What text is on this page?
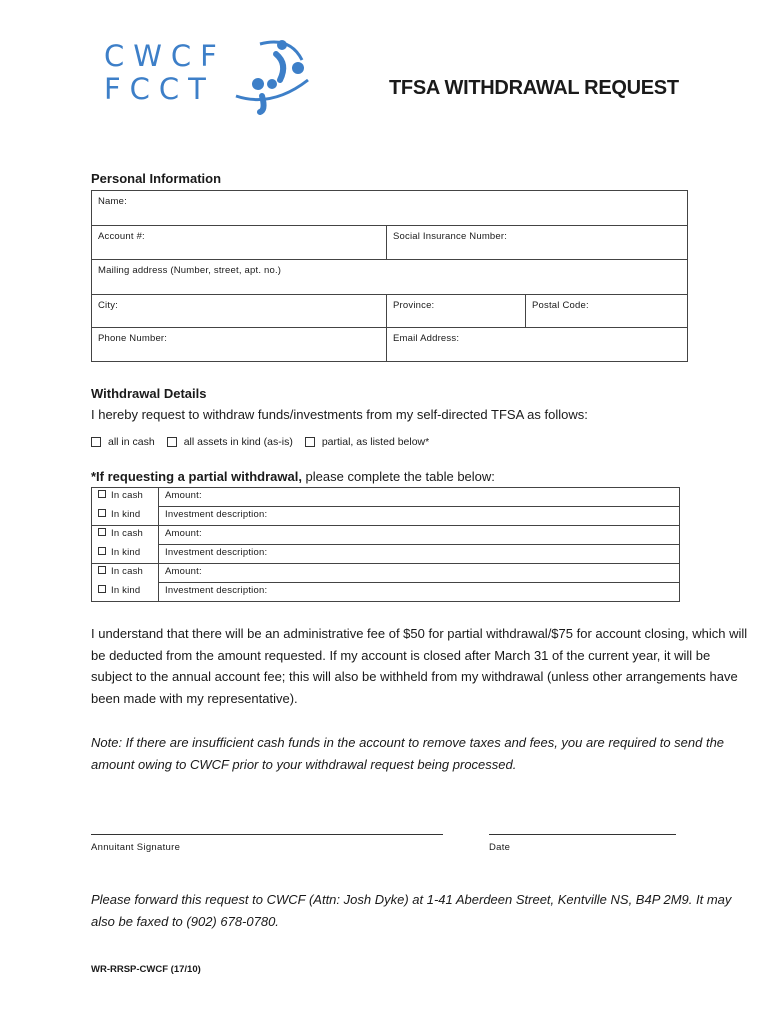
CWCF
FCCT	TFSA WITHDRAWAL REQUEST
Personal Information
Name:		
Account #:	Social Insurance Number:	
Mailing address (Number, street, apt. no.)		
City:	Province:	Postal Code:
Phone Number:	Email Address:	
Withdrawal Details
I hereby request to withdraw funds/investments from my self-directed TFSA as follows:
all in cash	all assets in kind (as-is)	partial, as listed below*
*If requesting a partial withdrawal, please complete the table below:
In cash	Amount:
In kind	Investment description:
In cash	Amount:
In kind	Investment description:
In cash	Amount:
In kind	Investment description:
I understand that there will be an administrative fee of $50 for partial withdrawal/$75 for account closing, which will be deducted from the amount requested. If my account is closed after March 31 of the current year, it will be subject to the annual account fee; this will also be withheld from my withdrawal (unless other arrangements have been made with my representative).
Note: If there are insufficient cash funds in the account to remove taxes and fees, you are required to send the amount owing to CWCF prior to your withdrawal request being processed.
Annuitant Signature	Date
Please forward this request to CWCF (Attn: Josh Dyke) at 1-41 Aberdeen Street, Kentville NS, B4P 2M9. It may also be faxed to (902) 678-0780.
WR-RRSP-CWCF (17/10)
